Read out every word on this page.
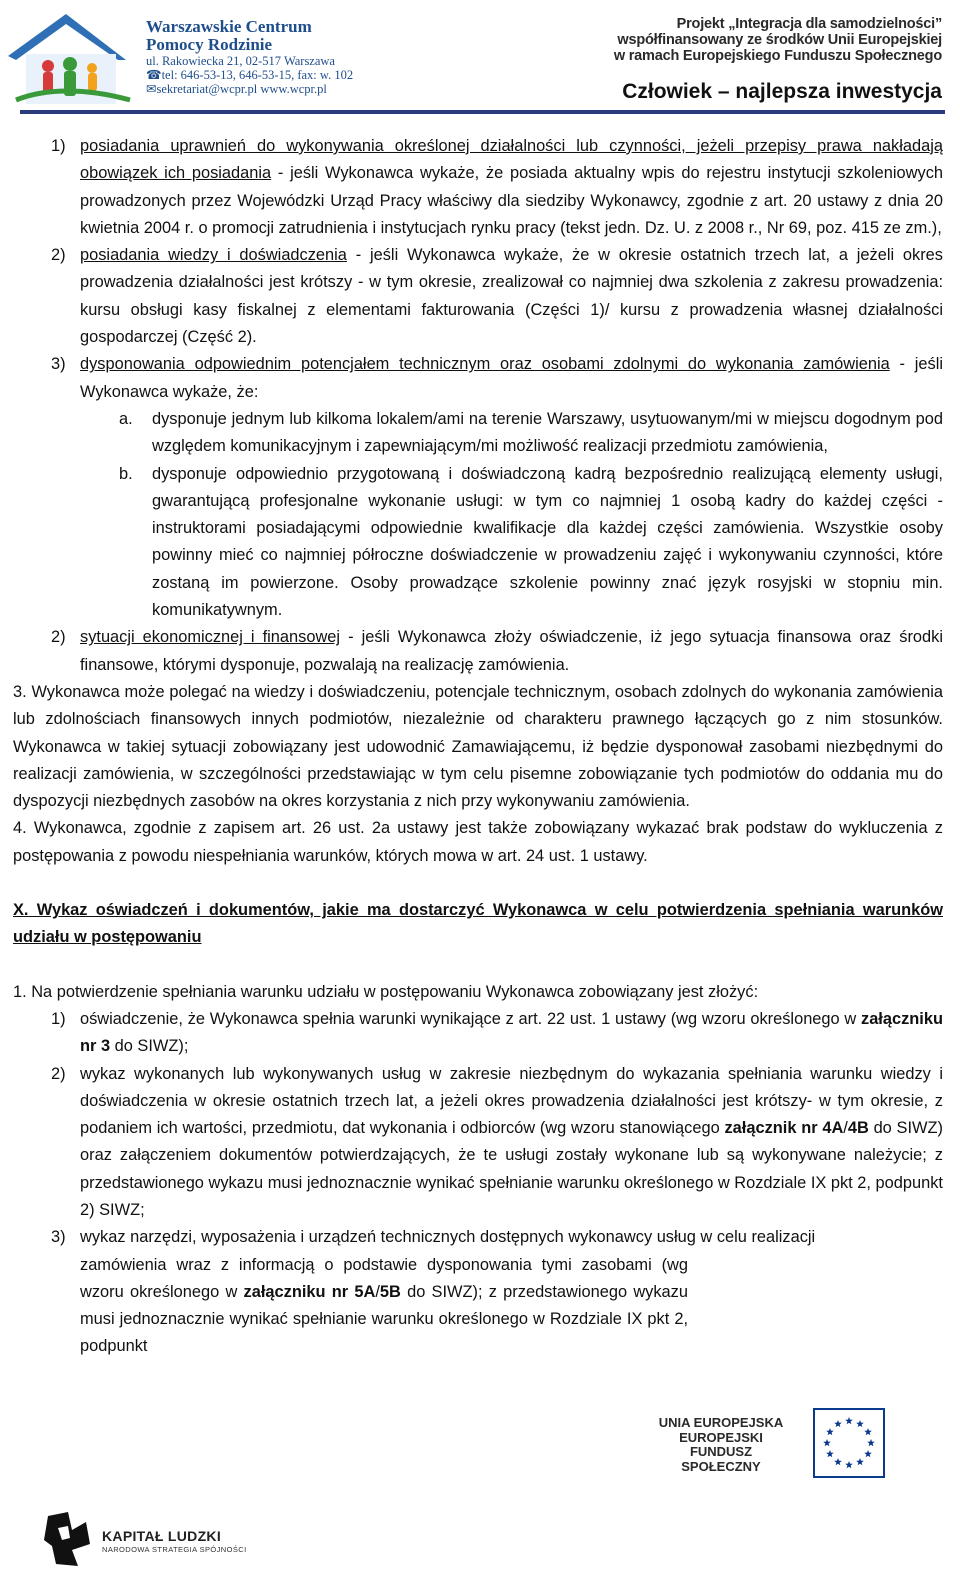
Warszawskie Centrum
Pomocy Rodzinie
ul. Rakowiecka 21, 02-517 Warszawa
☎tel: 646-53-13, 646-53-15, fax: w. 102
✉sekretariat@wcpr.pl www.wcpr.pl
Projekt „Integracja dla samodzielności”
współfinansowany ze środków Unii Europejskiej
w ramach Europejskiego Funduszu Społecznego
Człowiek – najlepsza inwestycja
1) posiadania uprawnień do wykonywania określonej działalności lub czynności, jeżeli przepisy prawa nakładają obowiązek ich posiadania - jeśli Wykonawca wykaże, że posiada aktualny wpis do rejestru instytucji szkoleniowych prowadzonych przez Wojewódzki Urząd Pracy właściwy dla siedziby Wykonawcy, zgodnie z art. 20 ustawy z dnia 20 kwietnia 2004 r. o promocji zatrudnienia i instytucjach rynku pracy (tekst jedn. Dz. U. z 2008 r., Nr 69, poz. 415 ze zm.),
2) posiadania wiedzy i doświadczenia - jeśli Wykonawca wykaże, że w okresie ostatnich trzech lat, a jeżeli okres prowadzenia działalności jest krótszy - w tym okresie, zrealizował co najmniej dwa szkolenia z zakresu prowadzenia: kursu obsługi kasy fiskalnej z elementami fakturowania (Części 1)/ kursu z prowadzenia własnej działalności gospodarczej (Część 2).
3) dysponowania odpowiednim potencjałem technicznym oraz osobami zdolnymi do wykonania zamówienia - jeśli Wykonawca wykaże, że:
a. dysponuje jednym lub kilkoma lokalem/ami na terenie Warszawy, usytuowanym/mi w miejscu dogodnym pod względem komunikacyjnym i zapewniającym/mi możliwość realizacji przedmiotu zamówienia,
b. dysponuje odpowiednio przygotowaną i doświadczoną kadrą bezpośrednio realizującą elementy usługi, gwarantującą profesjonalne wykonanie usługi: w tym co najmniej 1 osobą kadry do każdej części - instruktorami posiadającymi odpowiednie kwalifikacje dla każdej części zamówienia. Wszystkie osoby powinny mieć co najmniej półroczne doświadczenie w prowadzeniu zajęć i wykonywaniu czynności, które zostaną im powierzone. Osoby prowadzące szkolenie powinny znać język rosyjski w stopniu min. komunikatywnym.
2) sytuacji ekonomicznej i finansowej - jeśli Wykonawca złoży oświadczenie, iż jego sytuacja finansowa oraz środki finansowe, którymi dysponuje, pozwalają na realizację zamówienia.
3. Wykonawca może polegać na wiedzy i doświadczeniu, potencjale technicznym, osobach zdolnych do wykonania zamówienia lub zdolnościach finansowych innych podmiotów, niezależnie od charakteru prawnego łączących go z nim stosunków. Wykonawca w takiej sytuacji zobowiązany jest udowodnić Zamawiającemu, iż będzie dysponował zasobami niezbędnymi do realizacji zamówienia, w szczególności przedstawiając w tym celu pisemne zobowiązanie tych podmiotów do oddania mu do dyspozycji niezbędnych zasobów na okres korzystania z nich przy wykonywaniu zamówienia.
4. Wykonawca, zgodnie z zapisem art. 26 ust. 2a ustawy jest także zobowiązany wykazać brak podstaw do wykluczenia z postępowania z powodu niespełniania warunków, których mowa w art. 24 ust. 1 ustawy.
X. Wykaz oświadczeń i dokumentów, jakie ma dostarczyć Wykonawca w celu potwierdzenia spełniania warunków udziału w postępowaniu
1. Na potwierdzenie spełniania warunku udziału w postępowaniu Wykonawca zobowiązany jest złożyć:
1) oświadczenie, że Wykonawca spełnia warunki wynikające z art. 22 ust. 1 ustawy (wg wzoru określonego w załączniku nr 3 do SIWZ);
2) wykaz wykonanych lub wykonywanych usług w zakresie niezbędnym do wykazania spełniania warunku wiedzy i doświadczenia w okresie ostatnich trzech lat, a jeżeli okres prowadzenia działalności jest krótszy- w tym okresie, z podaniem ich wartości, przedmiotu, dat wykonania i odbiorców (wg wzoru stanowiącego załącznik nr 4A/4B do SIWZ) oraz załączeniem dokumentów potwierdzających, że te usługi zostały wykonane lub są wykonywane należycie; z przedstawionego wykazu musi jednoznacznie wynikać spełnianie warunku określonego w Rozdziale IX pkt 2, podpunkt 2) SIWZ;
3) wykaz narzędzi, wyposażenia i urządzeń technicznych dostępnych wykonawcy usług w celu realizacji
zamówienia wraz z informacją o podstawie dysponowania tymi zasobami (wg wzoru określonego w załączniku nr 5A/5B do SIWZ); z przedstawionego wykazu musi jednoznacznie wynikać spełnianie warunku określonego w Rozdziale IX pkt 2, podpunkt
UNIA EUROPEJSKA
EUROPEJSKI
FUNDUSZ SPOŁECZNY
KAPITAŁ LUDZKI
NARODOWA STRATEGIA SPÓJNOŚCI
